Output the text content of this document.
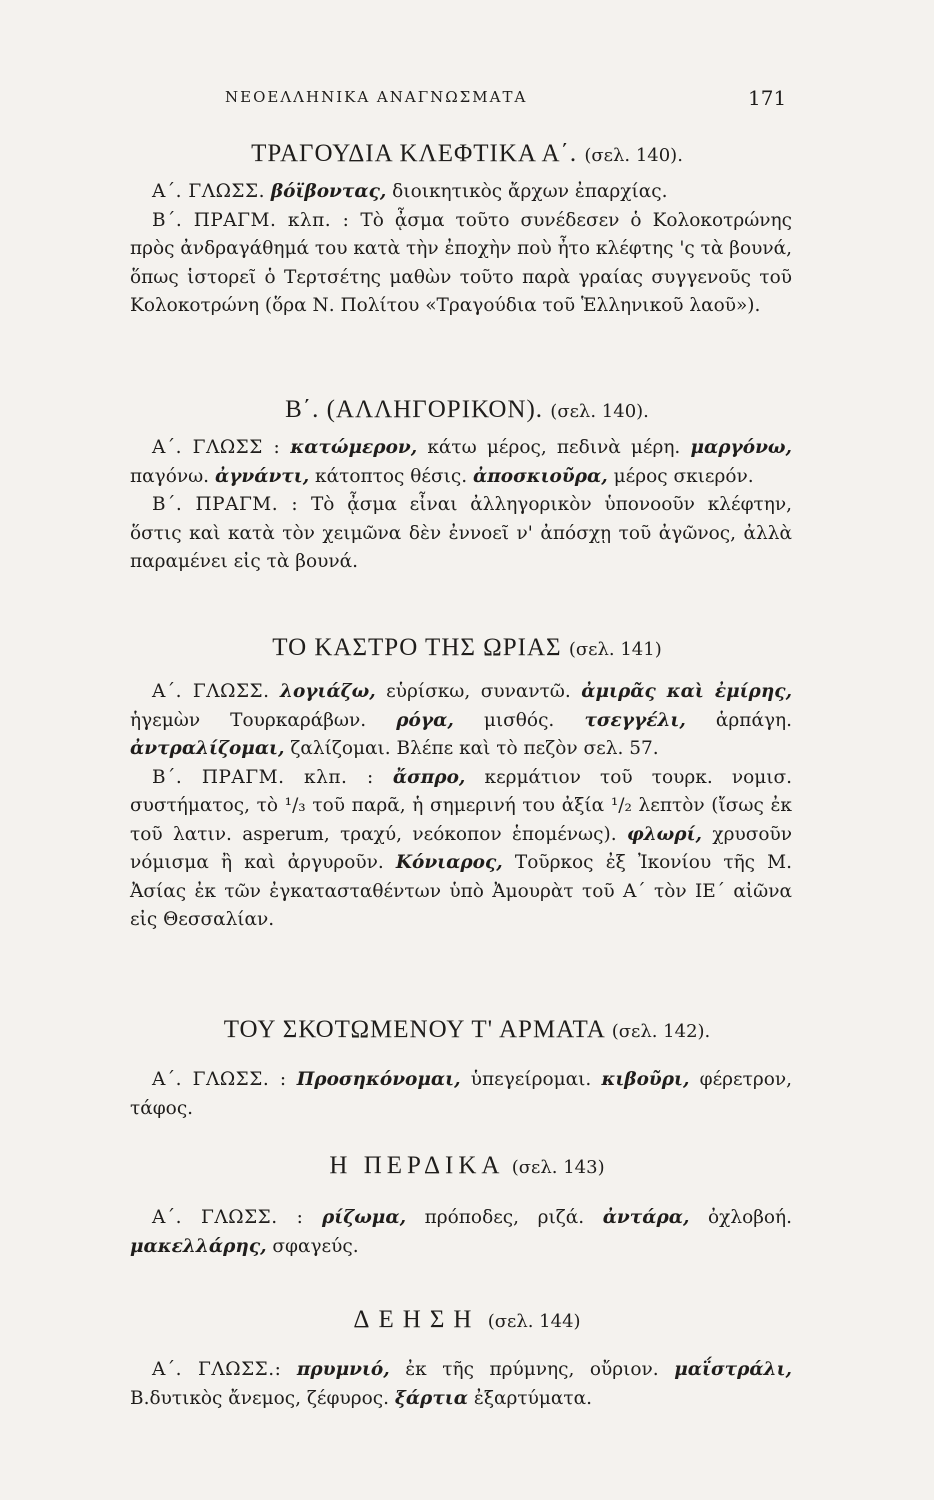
ΝΕΟΕΛΛΗΝΙΚΑ ΑΝΑΓΝΩΣΜΑΤΑ	171
ΤΡΑΓΟΥΔΙΑ ΚΛΕΦΤΙΚΑ Α΄. (σελ. 140).

Α΄. ΓΛΩΣΣ. βόϊβοντας, διοικητικὸς ἄρχων ἐπαρχίας.

Β΄. ΠΡΑΓΜ. κλπ. : Τὸ ᾆσμα τοῦτο συνέδεσεν ὁ Κολοκοτρώνης πρὸς ἀνδραγάθημά του κατὰ τὴν ἐποχὴν ποὺ ἦτο κλέφτης 'ς τὰ βουνά, ὅπως ἱστορεῖ ὁ Τερτσέτης μαθὼν τοῦτο παρὰ γραίας συγγενοῦς τοῦ Κολοκοτρώνη (ὅρα Ν. Πολίτου «Τραγούδια τοῦ Ἑλληνικοῦ λαοῦ»).

Β΄. (ΑΛΛΗΓΟΡΙΚΟΝ). (σελ. 140).

Α΄. ΓΛΩΣΣ : κατώμερον, κάτω μέρος, πεδινὰ μέρη. μαργόνω, παγόνω. ἀγνάντι, κάτοπτος θέσις. ἀποσκιοῦρα, μέρος σκιερόν.

Β΄. ΠΡΑΓΜ. : Τὸ ᾆσμα εἶναι ἀλληγορικὸν ὑπονοοῦν κλέφτην, ὅστις καὶ κατὰ τὸν χειμῶνα δὲν ἐννοεῖ ν' ἀπόσχῃ τοῦ ἀγῶνος, ἀλλὰ παραμένει εἰς τὰ βουνά.

ΤΟ ΚΑΣΤΡΟ ΤΗΣ ΩΡΙΑΣ (σελ. 141)

Α΄. ΓΛΩΣΣ. λογιάζω, εὑρίσκω, συναντῶ. ἀμιρᾶς καὶ ἐμίρης, ἡγεμὼν Τουρκαράβων. ρόγα, μισθός. τσεγγέλι, ἁρπάγη. ἀντραλίζομαι, ζαλίζομαι. Βλέπε καὶ τὸ πεζὸν σελ. 57.

Β΄. ΠΡΑΓΜ. κλπ. : ἄσπρο, κερμάτιον τοῦ τουρκ. νομισ. συστήματος, τὸ ¹/₃ τοῦ παρᾶ, ἡ σημερινή του ἀξία ¹/₂ λεπτὸν (ἴσως ἐκ τοῦ λατιν. asperum, τραχύ, νεόκοπον ἑπομένως). φλωρί, χρυσοῦν νόμισμα ἢ καὶ ἀργυροῦν. Κόνιαρος, Τοῦρκος ἐξ Ἰκονίου τῆς Μ. Ἀσίας ἐκ τῶν ἐγκατασταθέντων ὑπὸ Ἀμουρὰτ τοῦ Α΄ τὸν ΙΕ΄ αἰῶνα εἰς Θεσσαλίαν.

ΤΟΥ ΣΚΟΤΩΜΕΝΟΥ Τ' ΑΡΜΑΤΑ (σελ. 142).

Α΄. ΓΛΩΣΣ. : Προσηκόνομαι, ὑπεγείρομαι. κιβοῦρι, φέρετρον, τάφος.

Η ΠΕΡΔΙΚΑ (σελ. 143)

Α΄. ΓΛΩΣΣ. : ρίζωμα, πρόποδες, ριζά. ἀντάρα, ὀχλοβοή. μακελλάρης, σφαγεύς.

ΔΕΗΣΗ (σελ. 144)

Α΄. ΓΛΩΣΣ.: πρυμνιό, ἐκ τῆς πρύμνης, οὔριον. μαΐστράλι, Β.δυτικὸς ἄνεμος, ζέφυρος. ξάρτια ἐξαρτύματα.
